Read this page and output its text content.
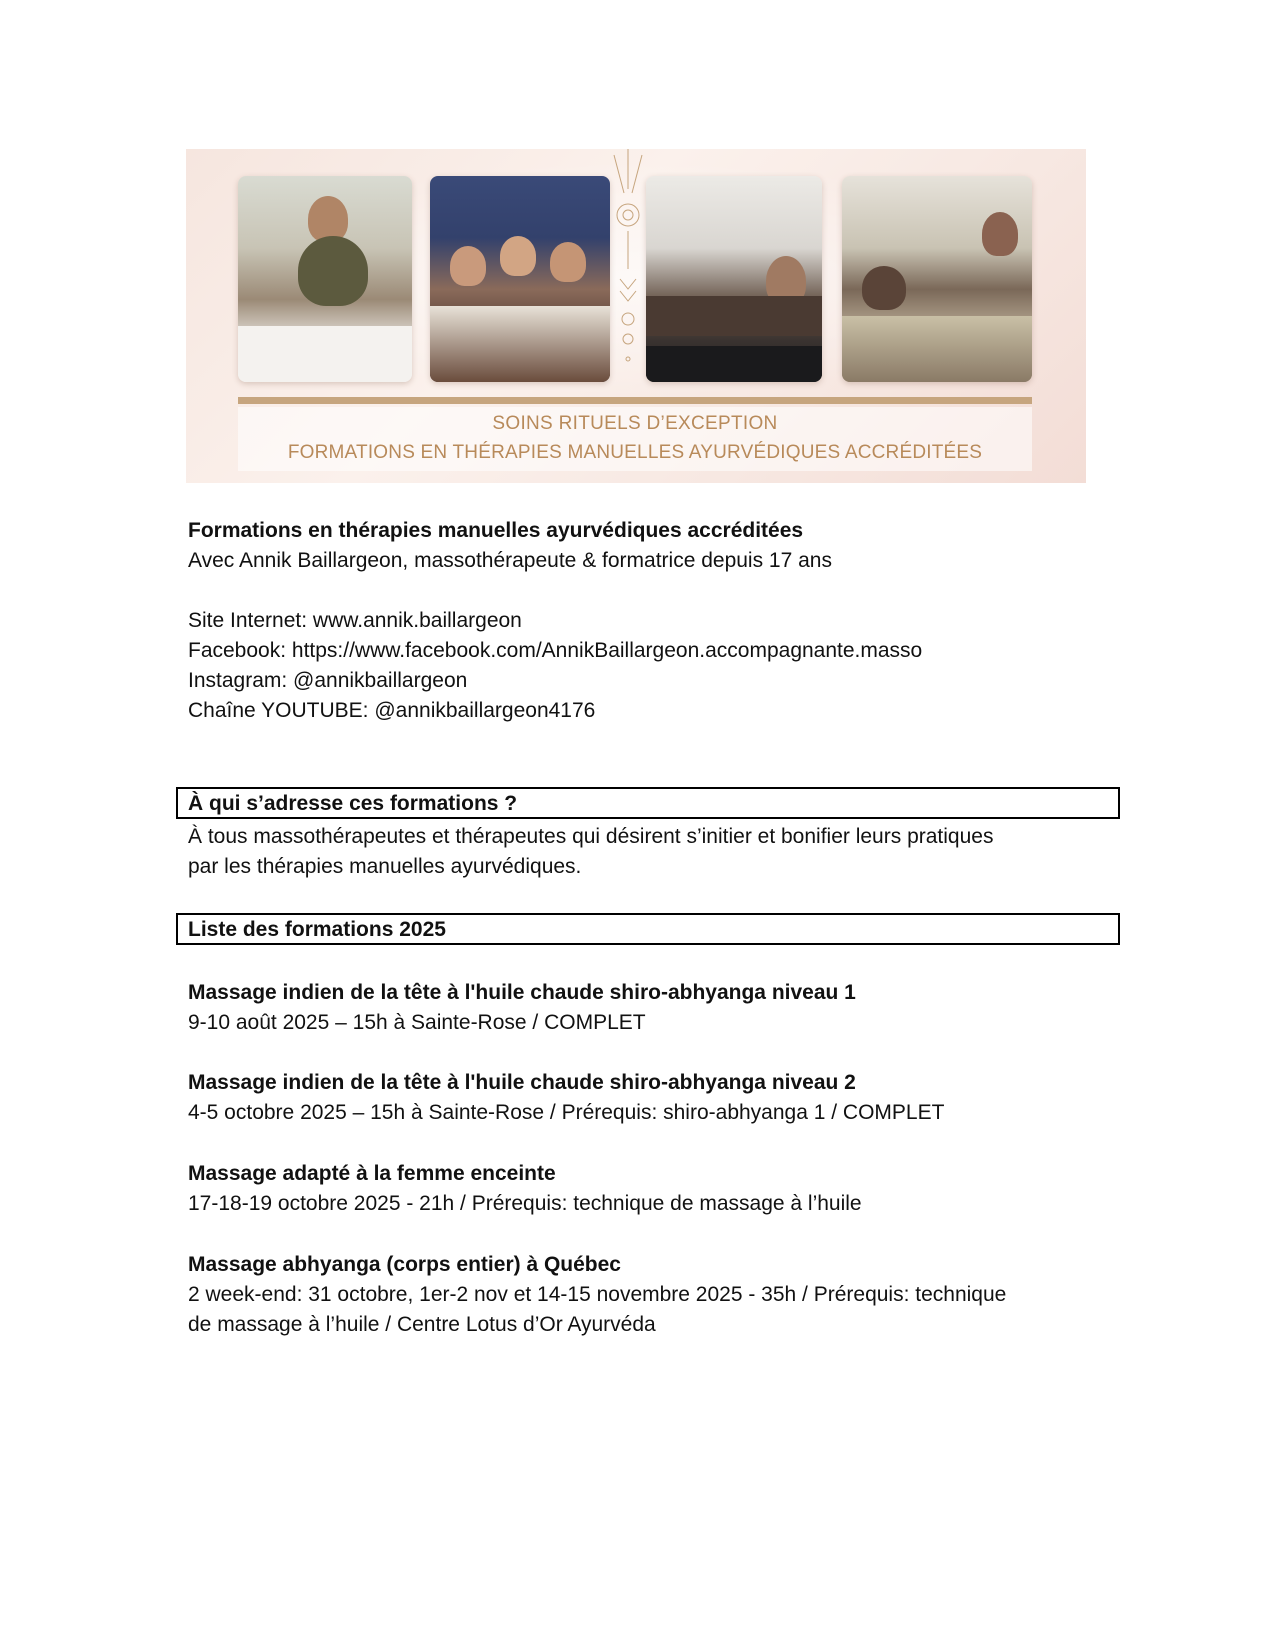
SOINS RITUELS D’EXCEPTION
FORMATIONS EN THÉRAPIES MANUELLES AYURVÉDIQUES ACCRÉDITÉES
Formations en thérapies manuelles ayurvédiques accréditées
Avec Annik Baillargeon, massothérapeute & formatrice depuis 17 ans
Site Internet: www.annik.baillargeon
Facebook: https://www.facebook.com/AnnikBaillargeon.accompagnante.masso
Instagram: @annikbaillargeon
Chaîne YOUTUBE: @annikbaillargeon4176
À qui s’adresse ces formations ?
À tous massothérapeutes et thérapeutes qui désirent s’initier et bonifier leurs pratiques
par les thérapies manuelles ayurvédiques.
Liste des formations 2025
Massage indien de la tête à l'huile chaude shiro-abhyanga niveau 1
9-10 août 2025 – 15h à Sainte-Rose / COMPLET
Massage indien de la tête à l'huile chaude shiro-abhyanga niveau 2
4-5 octobre 2025 – 15h à Sainte-Rose / Prérequis: shiro-abhyanga 1 / COMPLET
Massage adapté à la femme enceinte
17-18-19 octobre 2025 - 21h / Prérequis: technique de massage à l’huile
Massage abhyanga (corps entier) à Québec
2 week-end: 31 octobre, 1er-2 nov et 14-15 novembre 2025 - 35h / Prérequis: technique
de massage à l’huile / Centre Lotus d’Or Ayurvéda
